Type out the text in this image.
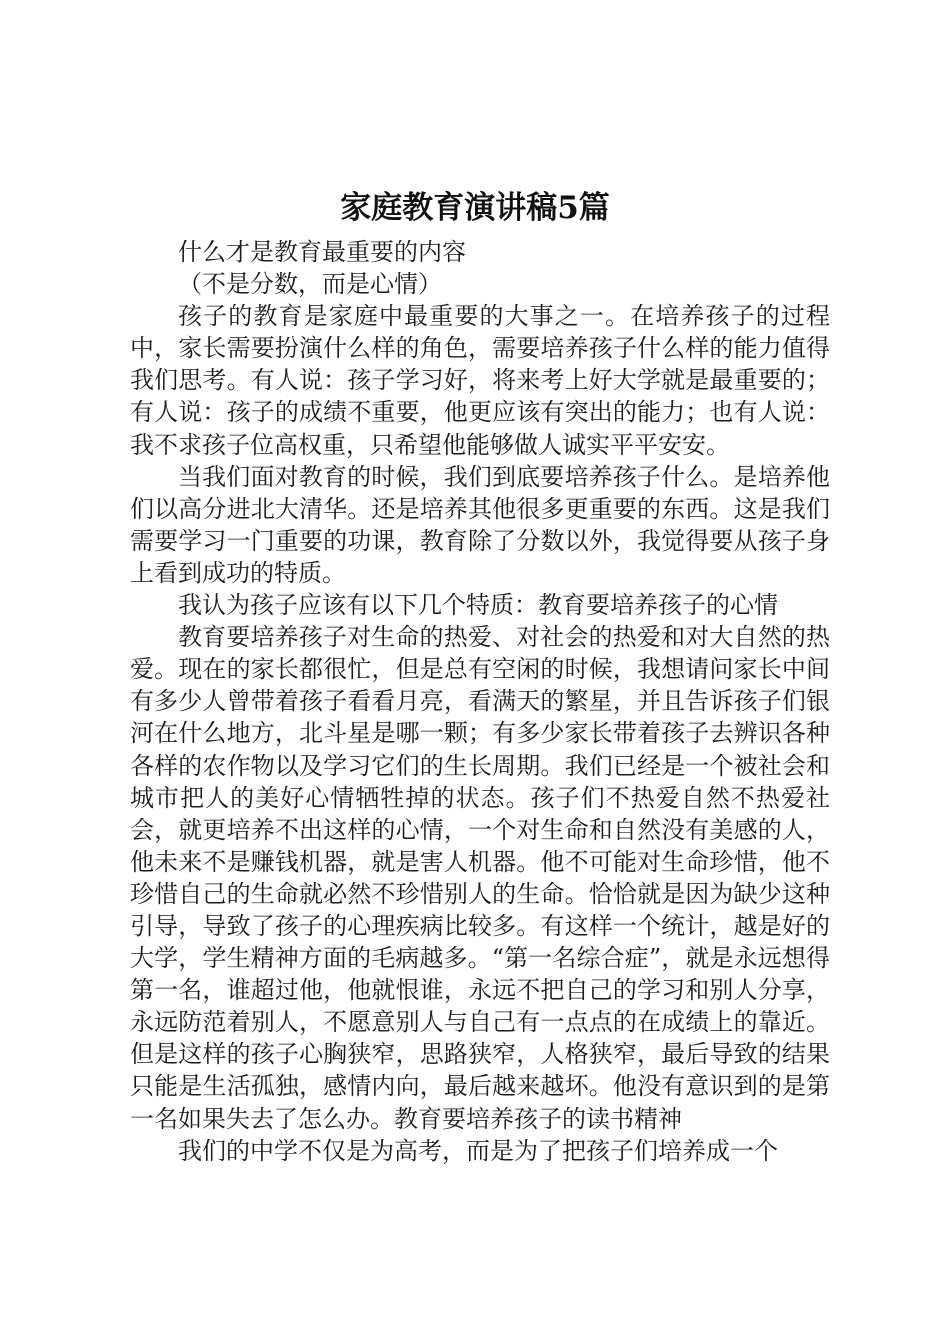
家庭教育演讲稿5篇

什么才是教育最重要的内容

（不是分数，而是心情）

孩子的教育是家庭中最重要的大事之一。在培养孩子的过程中，家长需要扮演什么样的角色，需要培养孩子什么样的能力值得我们思考。有人说：孩子学习好，将来考上好大学就是最重要的；有人说：孩子的成绩不重要，他更应该有突出的能力；也有人说：我不求孩子位高权重，只希望他能够做人诚实平平安安。

当我们面对教育的时候，我们到底要培养孩子什么。是培养他们以高分进北大清华。还是培养其他很多更重要的东西。这是我们需要学习一门重要的功课，教育除了分数以外，我觉得要从孩子身上看到成功的特质。

我认为孩子应该有以下几个特质：教育要培养孩子的心情

教育要培养孩子对生命的热爱、对社会的热爱和对大自然的热爱。现在的家长都很忙，但是总有空闲的时候，我想请问家长中间有多少人曾带着孩子看看月亮，看满天的繁星，并且告诉孩子们银河在什么地方，北斗星是哪一颗；有多少家长带着孩子去辨识各种各样的农作物以及学习它们的生长周期。我们已经是一个被社会和城市把人的美好心情牺牲掉的状态。孩子们不热爱自然不热爱社会，就更培养不出这样的心情，一个对生命和自然没有美感的人，他未来不是赚钱机器，就是害人机器。他不可能对生命珍惜，他不珍惜自己的生命就必然不珍惜别人的生命。恰恰就是因为缺少这种引导，导致了孩子的心理疾病比较多。有这样一个统计，越是好的大学，学生精神方面的毛病越多。“第一名综合症”，就是永远想得第一名，谁超过他，他就恨谁，永远不把自己的学习和别人分享，永远防范着别人，不愿意别人与自己有一点点的在成绩上的靠近。但是这样的孩子心胸狭窄，思路狭窄，人格狭窄，最后导致的结果只能是生活孤独，感情内向，最后越来越坏。他没有意识到的是第一名如果失去了怎么办。教育要培养孩子的读书精神

我们的中学不仅是为高考，而是为了把孩子们培养成一个
